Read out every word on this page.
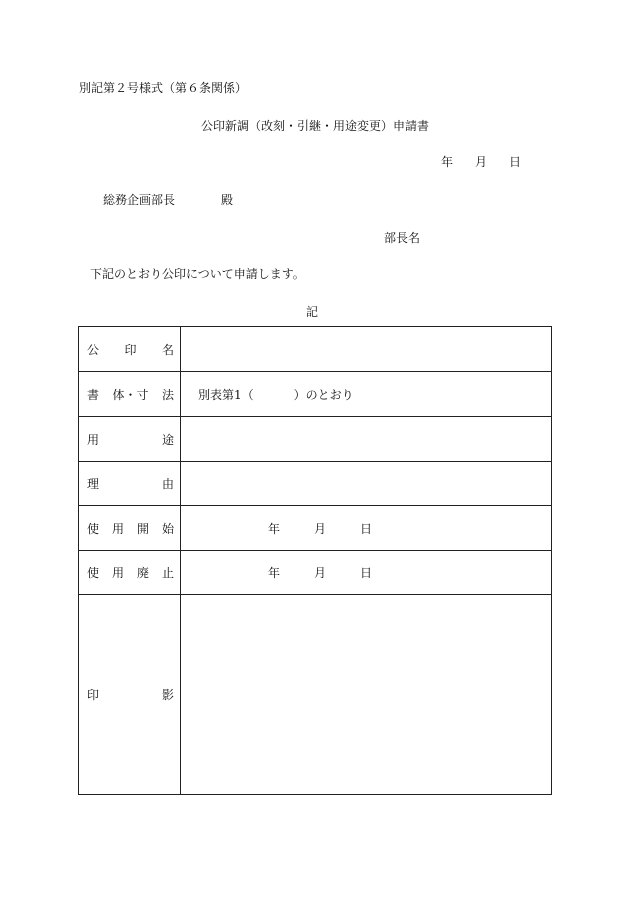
別記第２号様式（第６条関係）
公印新調（改刻・引継・用途変更）申請書
年 月 日
総務企画部長	殿
部長名
下記のとおり公印について申請します。
記
公 印 名	

書 体・寸 法	別表第1（ ）のとおり

用 途	

理 由	

使 用 開 始	年 月 日

使 用 廃 止	年 月 日

印 影	
